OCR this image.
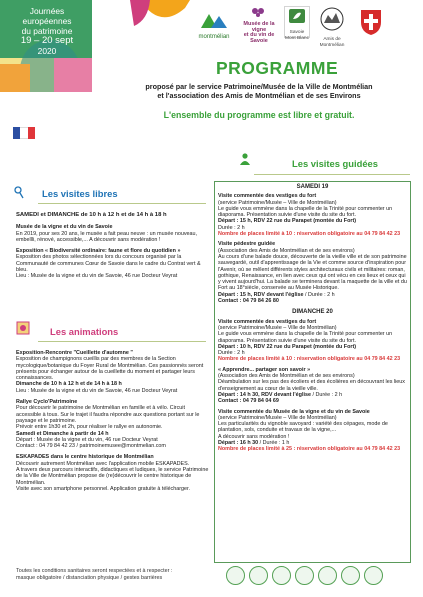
Journées
européennes
du patrimoine
19 – 20 sept
2020
montmélian
Musée de la vigne
et du vin de Savoie
Savoie Mont Blanc	Amis de Montmélian
PROGRAMME
proposé par le service Patrimoine/Musée de la Ville de Montmélian
et l'association des Amis de Montmélian et de ses Environs
L'ensemble du programme est libre et gratuit.
Les visites libres

SAMEDI et DIMANCHE de 10 h à 12 h et de 14 h à 18 h

Musée de la vigne et du vin de Savoie

En 2019, pour ses 20 ans, le musée a fait peau neuve : un musée nouveau, embellli, rénové, accessible,... A découvrir sans modération !

Exposition « Biodiversité ordinaire: faune et flore du quotidien »

Exposition des photos sélectionnées lors du concours organisé par la Communauté de communes Cœur de Savoie dans le cadre du Contrat vert & bleu.

Lieu : Musée de la vigne et du vin de Savoie, 46 rue Docteur Veyrat

Les animations

Exposition-Rencontre "Cueillette d'automne "

Exposition de champignons cueillis par des membres de la Section mycologique/botanique du Foyer Rural de Montmélian. Ces passionnés seront présents pour échanger autour de la cueillette du moment et partager leurs connaissances.

Dimanche de 10 h à 12 h et de 14 h à 18 h

Lieu : Musée de la vigne et du vin de Savoie, 46 rue Docteur Veyrat

Rallye Cyclo'Patrimoine

Pour découvrir le patrimoine de Montmélian en famille et à vélo. Circuit accessible à tous. Sur le trajet il faudra répondre aux questions portant sur le paysage et le patrimoine.

Prévoir entre 1h30 et 2h, pour réaliser le rallye en autonomie.

Samedi et Dimanche à partir de 14 h

Départ : Musée de la vigne et du vin, 46 rue Docteur Veyrat

Contact : 04 79 84 42 23 / patrimoinemusee@montmelian.com

ESKAPADES dans le centre historique de Montmélian

Découvrir autrement Montmélian avec l'application mobile ESKAPADES.

A travers deux parcours interactifs, didactiques et ludiques, le service Patrimoine de la Ville de Montmélian propose de (re)découvrir le centre historique de Montmélian.

Visite avec son smartphone personnel. Application gratuite à télécharger.

Les visites guidées

SAMEDI 19

Visite commentée des vestiges du fort

(service Patrimoine/Musée – Ville de Montmélian)

Le guide vous emmène dans la chapelle de la Trinité pour commenter un diaporama. Présentation suivie d'une visite du site du fort.

Départ : 15 h, RDV 22 rue du Parapet (montée du Fort)

Durée : 2 h

Nombre de places limité à 10 : réservation obligatoire au 04 79 84 42 23

Visite pédestre guidée

(Association des Amis de Montmélian et de ses environs)

Au cours d'une balade douce, découverte de la vieille ville et de son patrimoine sauvegardé, outil d'apprentissage de la Vie et comme source d'inspiration pour l'Avenir, où se mêlent différents styles architecturaux civils et militaires: roman, gothique, Renaissance, en lien avec ceux qui ont vécu en ces lieux et ceux qui y vivent aujourd'hui. La balade se terminera devant la maquette de la ville et du Fort au 18°siècle, conservée au Musée Historique.

Départ : 15 h, RDV devant l'église / Durée : 2 h

Contact : 04 79 84 26 80

DIMANCHE 20

Visite commentée des vestiges du fort

(service Patrimoine/Musée – Ville de Montmélian)

Le guide vous emmène dans la chapelle de la Trinité pour commenter un diaporama. Présentation suivie d'une visite du site du fort.

Départ : 10 h, RDV 22 rue du Parapet (montée du Fort)

Durée : 2 h

Nombre de places limité à 10 : réservation obligatoire au 04 79 84 42 23

« Apprendre... partager son savoir »

(Association des Amis de Montmélian et de ses environs)

Déambulation sur les pas des écoliers et des écolières en découvrant les lieux d'enseignement au cœur de la vieille ville.

Départ : 14 h 30, RDV devant l'église / Durée : 2 h

Contact : 04 79 84 04 69

Visite commentée du Musée de la vigne et du vin de Savoie

(service Patrimoine/Musée – Ville de Montmélian)

Les particularités du vignoble savoyard : variété des cépages, mode de plantation, sols, conduite et travaux de la vigne,...

A découvrir sans modération !

Départ : 16 h 30 / Durée : 1 h

Nombre de places limité à 25 : réservation obligatoire au 04 79 84 42 23

Toutes les conditions sanitaires seront respectées et à respecter :
masque obligatoire / distanciation physique / gestes barrières
